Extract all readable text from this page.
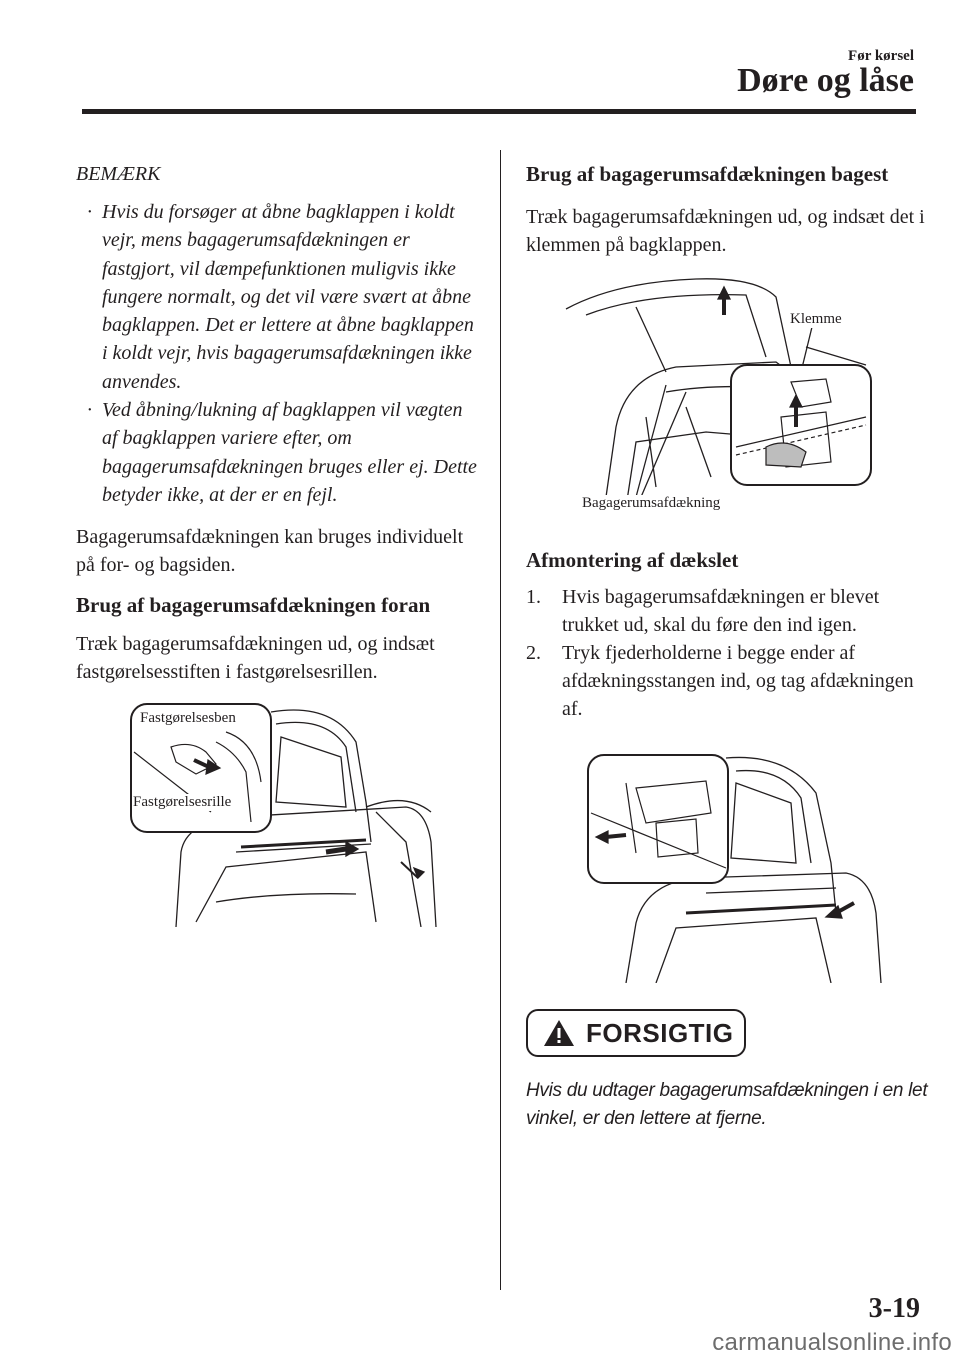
Før kørsel
Døre og låse
BEMÆRK
· Hvis du forsøger at åbne bagklappen i koldt vejr, mens bagagerumsafdækningen er fastgjort, vil dæmpefunktionen muligvis ikke fungere normalt, og det vil være svært at åbne bagklappen. Det er lettere at åbne bagklappen i koldt vejr, hvis bagagerumsafdækningen ikke anvendes.
· Ved åbning/lukning af bagklappen vil vægten af bagklappen variere efter, om bagagerumsafdækningen bruges eller ej. Dette betyder ikke, at der er en fejl.

Bagagerumsafdækningen kan bruges individuelt på for- og bagsiden.

Brug af bagagerumsafdækningen foran

Træk bagagerumsafdækningen ud, og indsæt fastgørelsesstiften i fastgørelsesrillen.

Fastgørelsesben
Fastgørelsesrille

Brug af bagagerumsafdækningen bagest

Træk bagagerumsafdækningen ud, og indsæt det i klemmen på bagklappen.

Klemme
Bagagerumsafdækning

Afmontering af dækslet

1. Hvis bagagerumsafdækningen er blevet trukket ud, skal du føre den ind igen.
2. Tryk fjederholderne i begge ender af afdækningsstangen ind, og tag afdækningen af.
FORSIGTIG

Hvis du udtager bagagerumsafdækningen i en let vinkel, er den lettere at fjerne.

3-19
carmanualsonline.info
